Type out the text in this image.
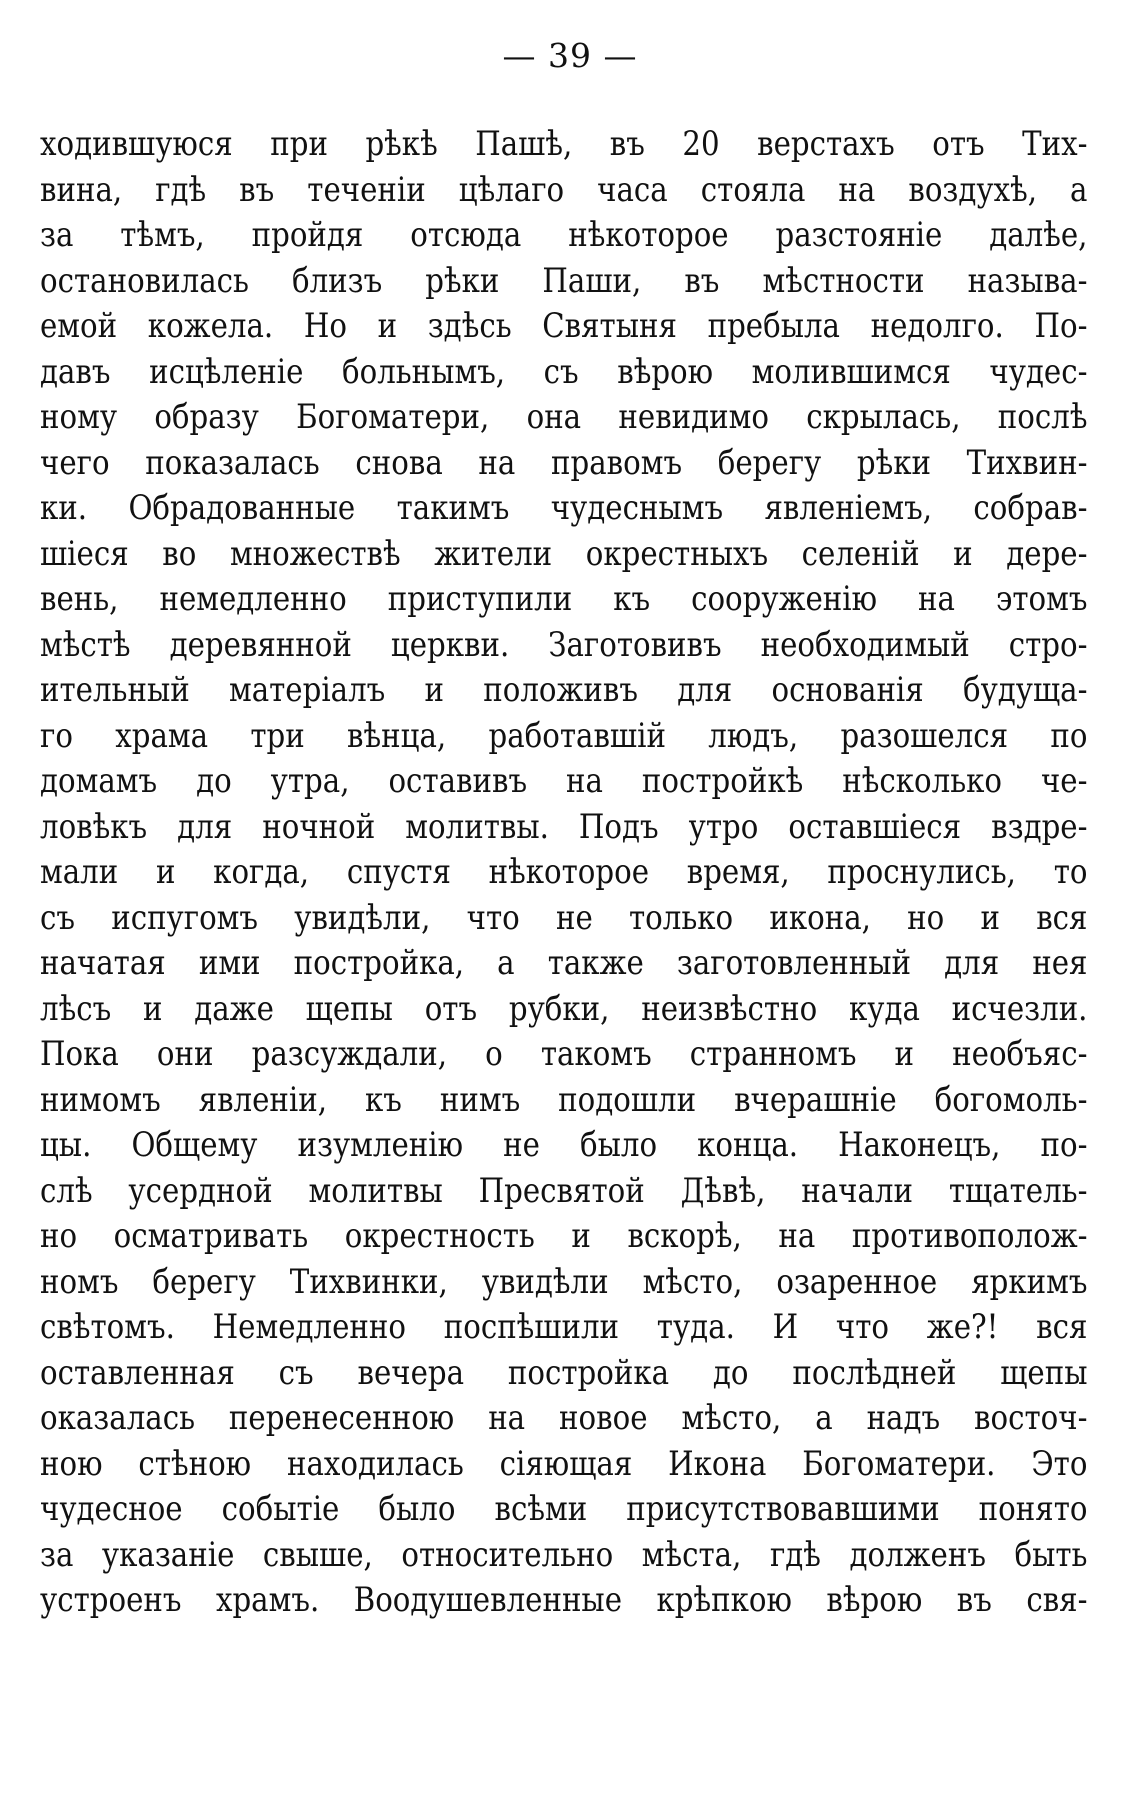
— 39 —
ходившуюся при рѣкѣ Пашѣ, въ 20 верстахъ отъ Тих-
вина, гдѣ въ теченіи цѣлаго часа стояла на воздухѣ, а
за тѣмъ, пройдя отсюда нѣкоторое разстояніе далѣе,
остановилась близъ рѣки Паши, въ мѣстности называ-
емой кожела. Но и здѣсь Святыня пребыла недолго. По-
давъ исцѣленіе больнымъ, съ вѣрою молившимся чудес-
ному образу Богоматери, она невидимо скрылась, послѣ
чего показалась снова на правомъ берегу рѣки Тихвин-
ки. Обрадованные такимъ чудеснымъ явленіемъ, собрав-
шіеся во множествѣ жители окрестныхъ селеній и дере-
вень, немедленно приступили къ сооруженію на этомъ
мѣстѣ деревянной церкви. Заготовивъ необходимый стро-
ительный матеріалъ и положивъ для основанія будуща-
го храма три вѣнца, работавшій людъ, разошелся по
домамъ до утра, оставивъ на постройкѣ нѣсколько че-
ловѣкъ для ночной молитвы. Подъ утро оставшіеся вздре-
мали и когда, спустя нѣкоторое время, проснулись, то
съ испугомъ увидѣли, что не только икона, но и вся
начатая ими постройка, а также заготовленный для нея
лѣсъ и даже щепы отъ рубки, неизвѣстно куда исчезли.
Пока они разсуждали, о такомъ странномъ и необъяс-
нимомъ явленіи, къ нимъ подошли вчерашніе богомоль-
цы. Общему изумленію не было конца. Наконецъ, по-
слѣ усердной молитвы Пресвятой Дѣвѣ, начали тщатель-
но осматривать окрестность и вскорѣ, на противополож-
номъ берегу Тихвинки, увидѣли мѣсто, озаренное яркимъ
свѣтомъ. Немедленно поспѣшили туда. И что же?! вся
оставленная съ вечера постройка до послѣдней щепы
оказалась перенесенною на новое мѣсто, а надъ восточ-
ною стѣною находилась сіяющая Икона Богоматери. Это
чудесное событіе было всѣми присутствовавшими понято
за указаніе свыше, относительно мѣста, гдѣ долженъ быть
устроенъ храмъ. Воодушевленные крѣпкою вѣрою въ свя-
